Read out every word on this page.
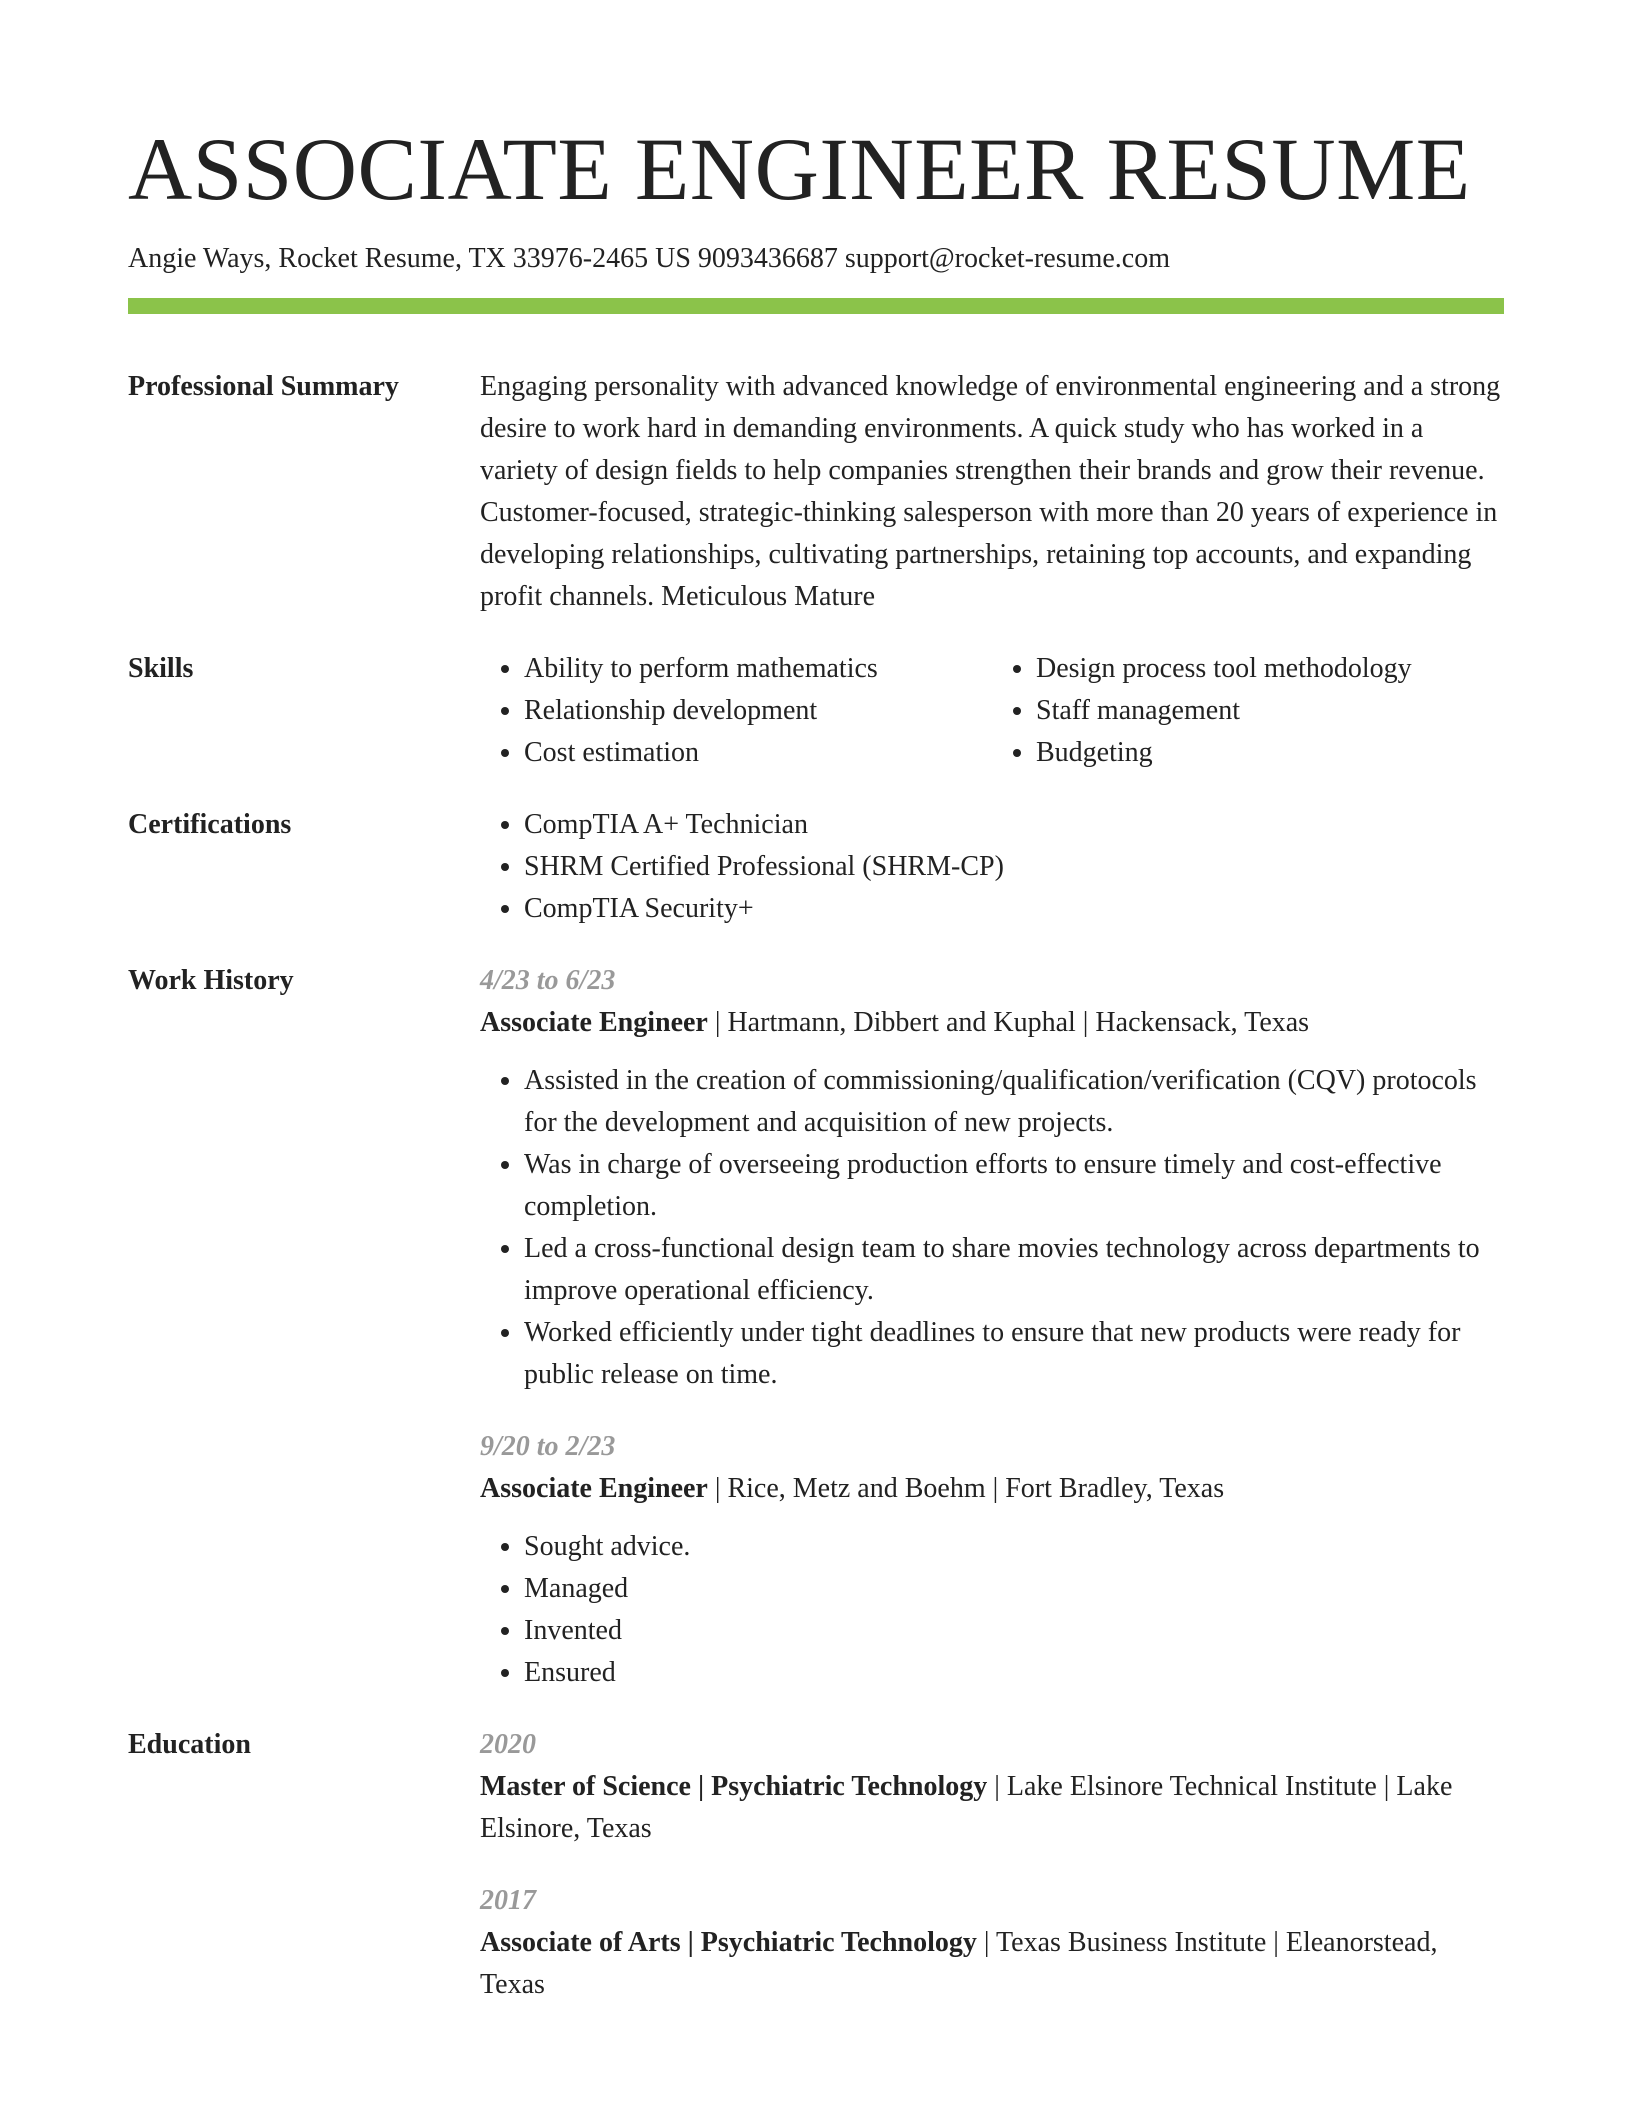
ASSOCIATE ENGINEER RESUME
Angie Ways, Rocket Resume, TX 33976-2465 US 9093436687 support@rocket-resume.com
Professional Summary	Engaging personality with advanced knowledge of environmental engineering and a strong desire to work hard in demanding environments. A quick study who has worked in a variety of design fields to help companies strengthen their brands and grow their revenue. Customer-focused, strategic-thinking salesperson with more than 20 years of experience in developing relationships, cultivating partnerships, retaining top accounts, and expanding profit channels. Meticulous Mature
Skills	• Ability to perform mathematics
• Relationship development
• Cost estimation
• Design process tool methodology
• Staff management
• Budgeting
Certifications	• CompTIA A+ Technician
• SHRM Certified Professional (SHRM-CP)
• CompTIA Security+
Work History	4/23 to 6/23
Associate Engineer | Hartmann, Dibbert and Kuphal | Hackensack, Texas
• Assisted in the creation of commissioning/qualification/verification (CQV) protocols for the development and acquisition of new projects.
• Was in charge of overseeing production efforts to ensure timely and cost-effective completion.
• Led a cross-functional design team to share movies technology across departments to improve operational efficiency.
• Worked efficiently under tight deadlines to ensure that new products were ready for public release on time.
9/20 to 2/23
Associate Engineer | Rice, Metz and Boehm | Fort Bradley, Texas
• Sought advice.
• Managed
• Invented
• Ensured
Education	2020
Master of Science | Psychiatric Technology | Lake Elsinore Technical Institute | Lake Elsinore, Texas
2017
Associate of Arts | Psychiatric Technology | Texas Business Institute | Eleanorstead, Texas
